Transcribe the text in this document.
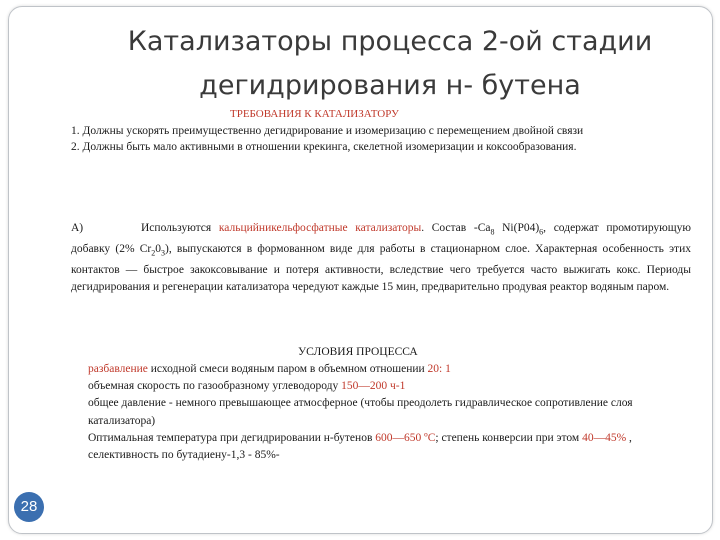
Катализаторы процесса 2-ой стадии
дегидрирования н- бутена
ТРЕБОВАНИЯ К КАТАЛИЗАТОРУ

1. Должны ускорять преимущественно дегидрирование и изомеризацию с перемещением двойной связи

2. Должны быть мало активными в отношении крекинга, скелетной изомеризации и коксообразования.

А)	Используются кальцийникельфосфатные катализаторы. Состав $-Са_8$ $Ni(Р04)_6$, содержат промотирующую добавку (2% $Сr_20_3$), выпускаются в формованном виде для работы в стационарном слое. Характерная особенность этих контактов — быстрое закоксовывание и потеря активности, вследствие чего требуется часто выжигать кокс. Периоды дегидрирования и регенерации катализатора чередуют каждые 15 мин, предварительно продувая реактор водяным паром.
УСЛОВИЯ ПРОЦЕССА

разбавление исходной смеси водяным паром в объемном отношении 20: 1

объемная скорость по газообразному углеводороду 150—200 ч-1

общее давление - немного превышающее атмосферное (чтобы преодолеть гидравлическое сопротивление слоя катализатора)

Оптимальная температура при дегидрировании н-бутенов 600—650 ºС; степень конверсии при этом 40—45% , селективность по бутадиену-1,3 - 85%-

28
